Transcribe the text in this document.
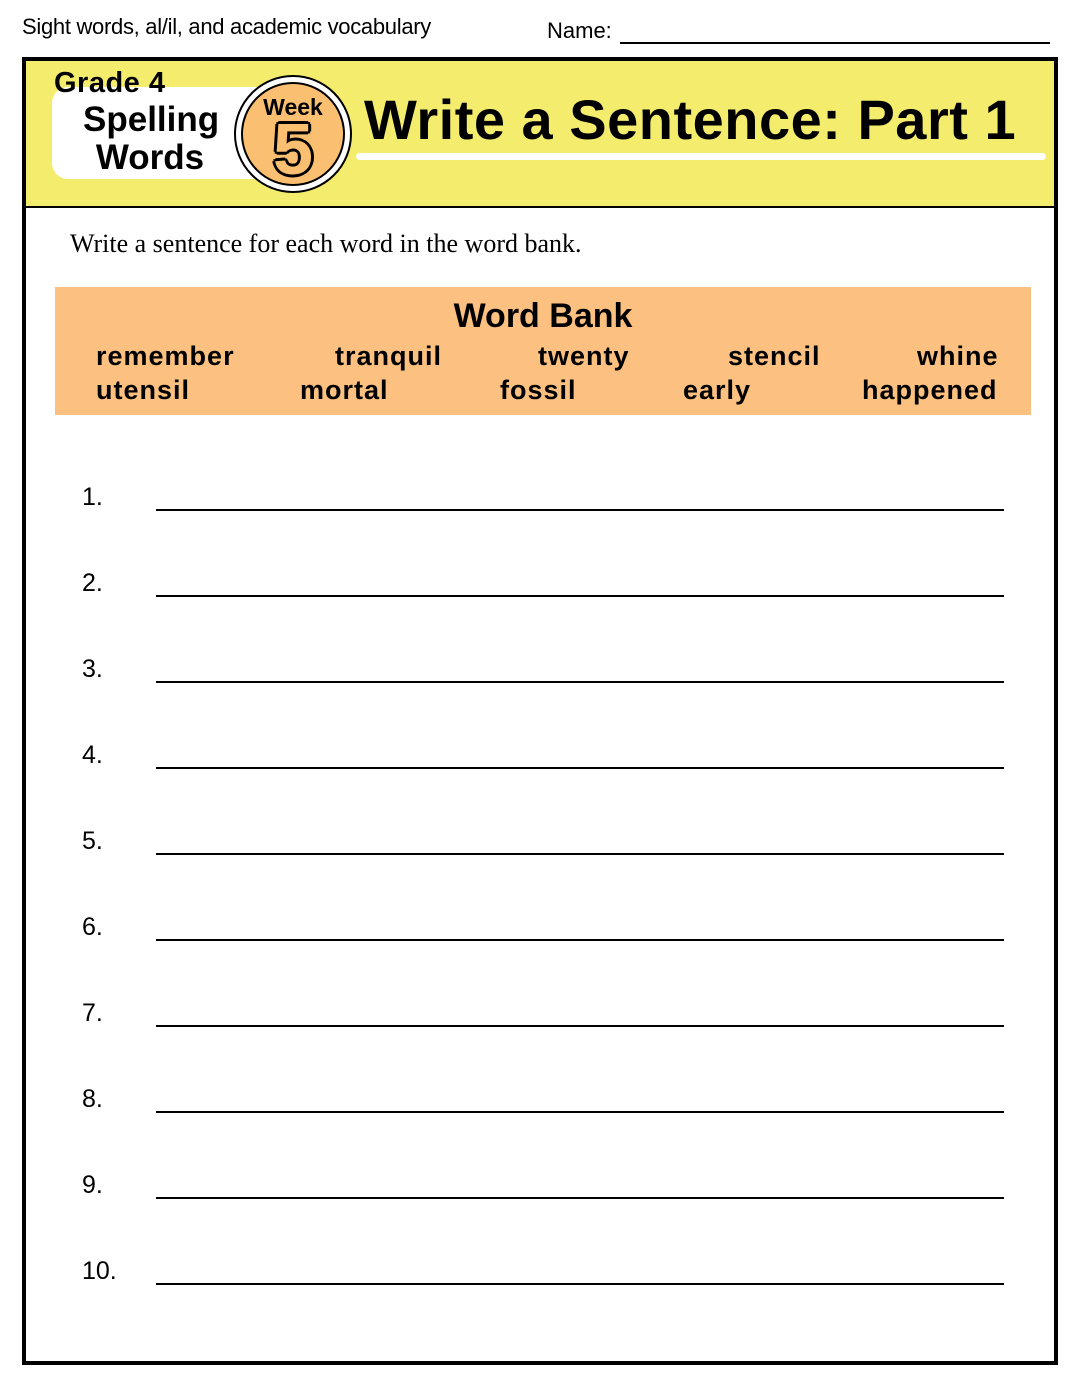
Sight words, al/il, and academic vocabulary	Name:
Grade 4
Spelling
Words
Week
5 Write a Sentence: Part 1
Write a sentence for each word in the word bank.
Word Bank
remember	tranquil	twenty	stencil	whine
utensil	mortal	fossil	early	happened
1.
2.
3.
4.
5.
6.
7.
8.
9.
10.
